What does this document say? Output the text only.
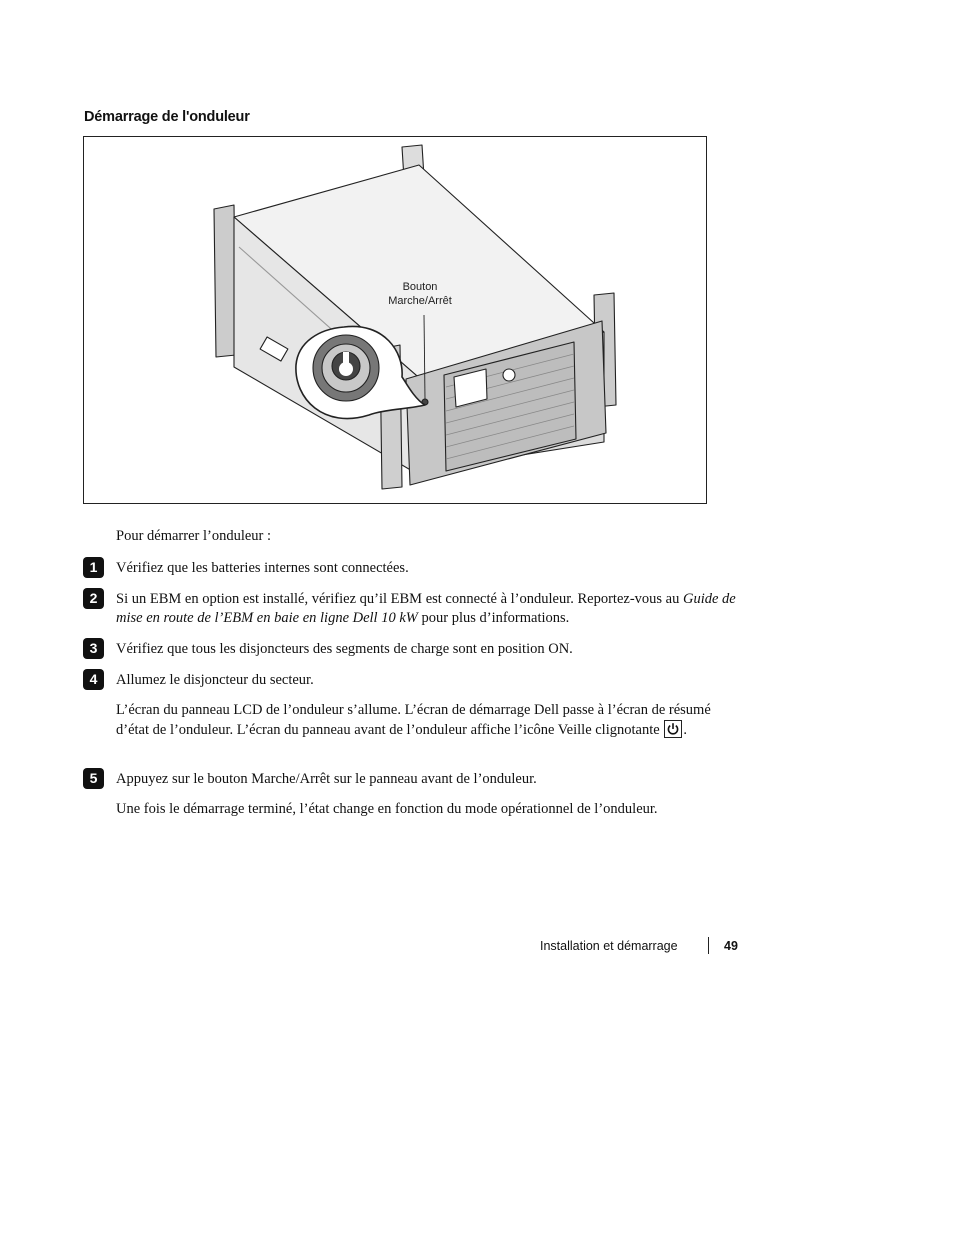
Démarrage de l'onduleur
Bouton
Marche/Arrêt
Pour démarrer l’onduleur :
1	Vérifiez que les batteries internes sont connectées.
2	Si un EBM en option est installé, vérifiez qu’il EBM est connecté à l’onduleur. Reportez-vous au Guide de mise en route de l’EBM en baie en ligne Dell 10 kW pour plus d’informations.
3	Vérifiez que tous les disjoncteurs des segments de charge sont en position ON.
4	Allumez le disjoncteur du secteur.
L’écran du panneau LCD de l’onduleur s’allume. L’écran de démarrage Dell passe à l’écran de résumé d’état de l’onduleur. L’écran du panneau avant de l’onduleur affiche l’icône Veille clignotante .
5	Appuyez sur le bouton Marche/Arrêt sur le panneau avant de l’onduleur.
Une fois le démarrage terminé, l’état change en fonction du mode opérationnel de l’onduleur.
Installation et démarrage	49
